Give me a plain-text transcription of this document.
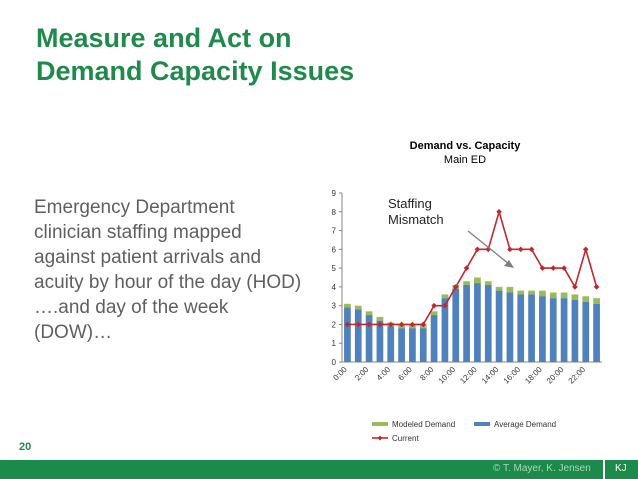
Measure and Act on
Demand Capacity Issues
Emergency Department clinician staffing mapped against patient arrivals and acuity by hour of the day (HOD) ….and day of the week (DOW)…
Demand vs. Capacity
Main ED
0
1
2
3
4
5
6
7
8
9
0:00 2:00 4:00 6:00 8:00 10:00 12:00 14:00 16:00 18:00 20:00 22:00
Staffing
Mismatch
Modeled Demand	Average Demand
Current
20
© T. Mayer, K. Jensen KJ
